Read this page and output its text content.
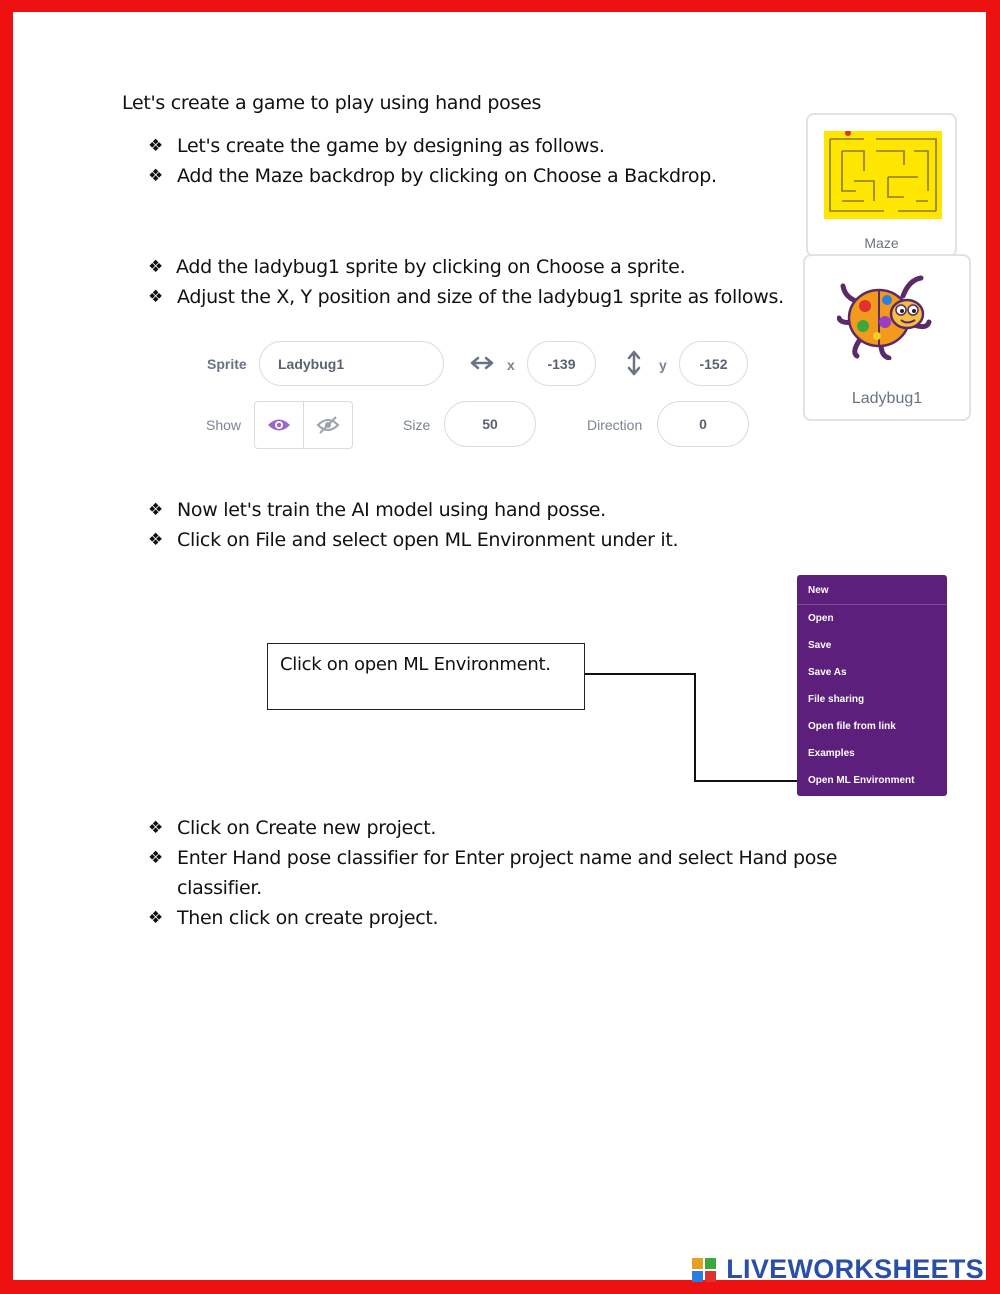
Let's create a game to play using hand poses
❖ Let's create the game by designing as follows.
❖ Add the Maze backdrop by clicking on Choose a Backdrop.
❖ Add the ladybug1 sprite by clicking on Choose a sprite.
❖ Adjust the X, Y position and size of the ladybug1 sprite as follows.
Maze
Ladybug1
Sprite	Ladybug1	x	-139	y	-152
Show	Size	50	Direction	0
❖ Now let's train the AI model using hand posse.
❖ Click on File and select open ML Environment under it.
Click on open ML Environment.
New
Open
Save
Save As
File sharing
Open file from link
Examples
Open ML Environment
❖ Click on Create new project.
❖ Enter Hand pose classifier for Enter project name and select Hand pose
classifier.
❖ Then click on create project.
LIVEWORKSHEETS
